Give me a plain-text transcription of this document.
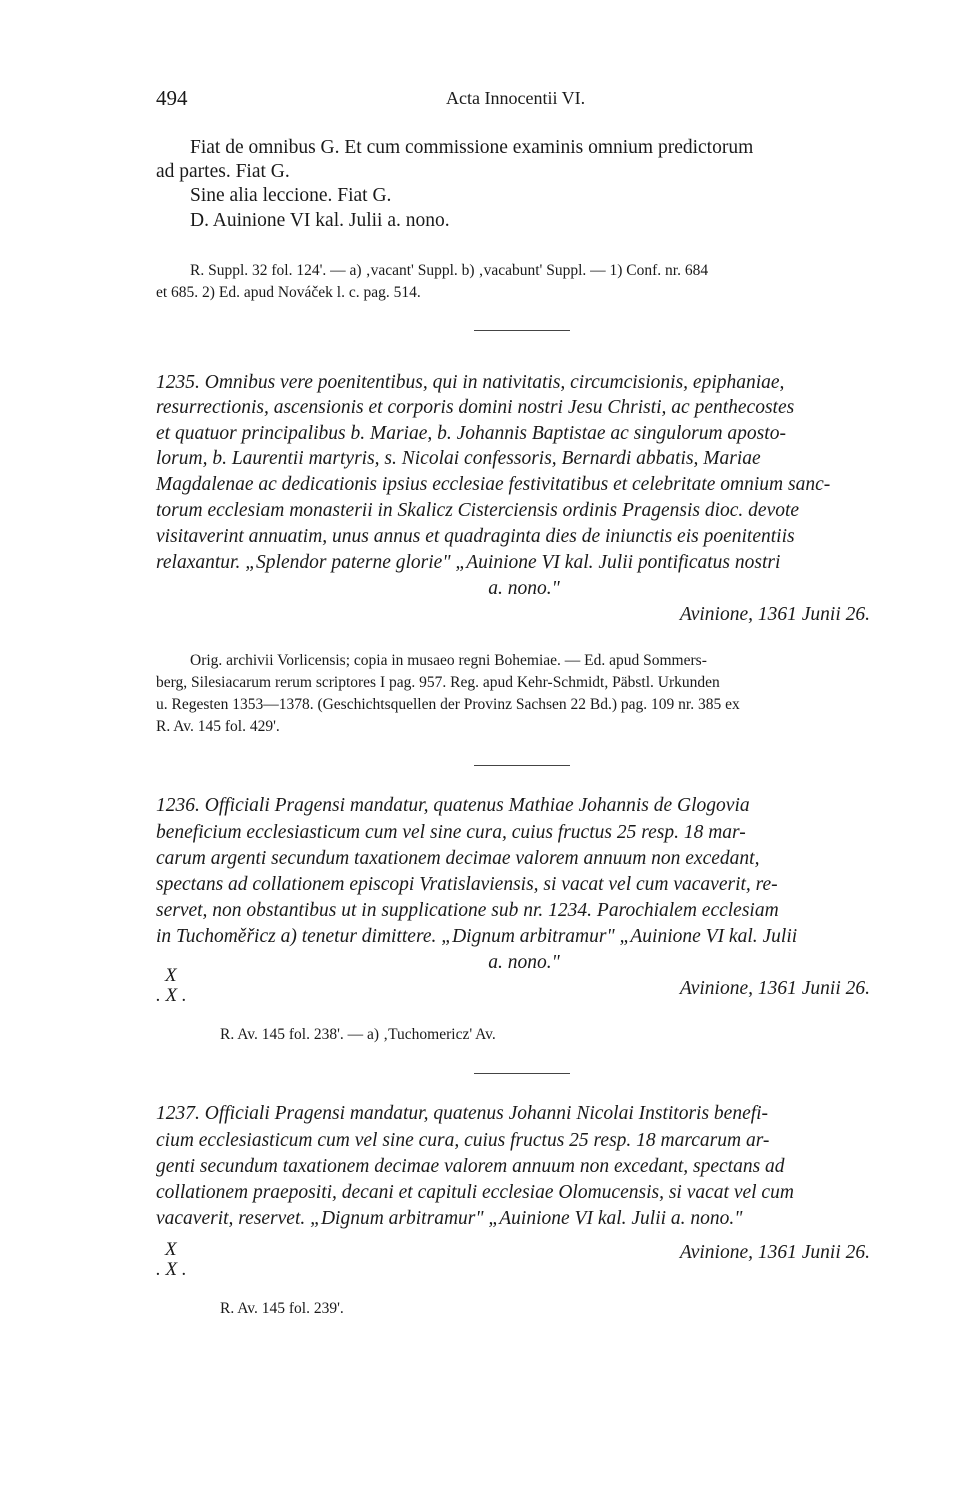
494	Acta Innocentii VI.
Fiat de omnibus G. Et cum commissione examinis omnium predictorum
ad partes. Fiat G.
Sine alia leccione. Fiat G.
D. Auinione VI kal. Julii a. nono.
R. Suppl. 32 fol. 124'. — a) ‚vacant' Suppl. b) ‚vacabunt' Suppl. — 1) Conf. nr. 684
et 685. 2) Ed. apud Nováček l. c. pag. 514.
1235. Omnibus vere poenitentibus, qui in nativitatis, circumcisionis, epiphaniae,
resurrectionis, ascensionis et corporis domini nostri Jesu Christi, ac penthecostes
et quatuor principalibus b. Mariae, b. Johannis Baptistae ac singulorum aposto-
lorum, b. Laurentii martyris, s. Nicolai confessoris, Bernardi abbatis, Mariae
Magdalenae ac dedicationis ipsius ecclesiae festivitatibus et celebritate omnium sanc-
torum ecclesiam monasterii in Skalicz Cisterciensis ordinis Pragensis dioc. devote
visitaverint annuatim, unus annus et quadraginta dies de iniunctis eis poenitentiis
relaxantur. „Splendor paterne glorie" „Auinione VI kal. Julii pontificatus nostri
a. nono."
Avinione, 1361 Junii 26.
Orig. archivii Vorlicensis; copia in musaeo regni Bohemiae. — Ed. apud Sommers-
berg, Silesiacarum rerum scriptores I pag. 957. Reg. apud Kehr-Schmidt, Päbstl. Urkunden
u. Regesten 1353—1378. (Geschichtsquellen der Provinz Sachsen 22 Bd.) pag. 109 nr. 385 ex
R. Av. 145 fol. 429'.
1236. Officiali Pragensi mandatur, quatenus Mathiae Johannis de Glogovia
beneficium ecclesiasticum cum vel sine cura, cuius fructus 25 resp. 18 mar-
carum argenti secundum taxationem decimae valorem annuum non excedant,
spectans ad collationem episcopi Vratislaviensis, si vacat vel cum vacaverit, re-
servet, non obstantibus ut in supplicatione sub nr. 1234. Parochialem ecclesiam
in Tuchoměřicz a) tenetur dimittere. „Dignum arbitramur" „Auinione VI kal. Julii
a. nono."
X
. X .	Avinione, 1361 Junii 26.
R. Av. 145 fol. 238'. — a) ‚Tuchomericz' Av.
1237. Officiali Pragensi mandatur, quatenus Johanni Nicolai Institoris benefi-
cium ecclesiasticum cum vel sine cura, cuius fructus 25 resp. 18 marcarum ar-
genti secundum taxationem decimae valorem annuum non excedant, spectans ad
collationem praepositi, decani et capituli ecclesiae Olomucensis, si vacat vel cum
vacaverit, reservet. „Dignum arbitramur" „Auinione VI kal. Julii a. nono."
X
. X .
Avinione, 1361 Junii 26.
R. Av. 145 fol. 239'.
